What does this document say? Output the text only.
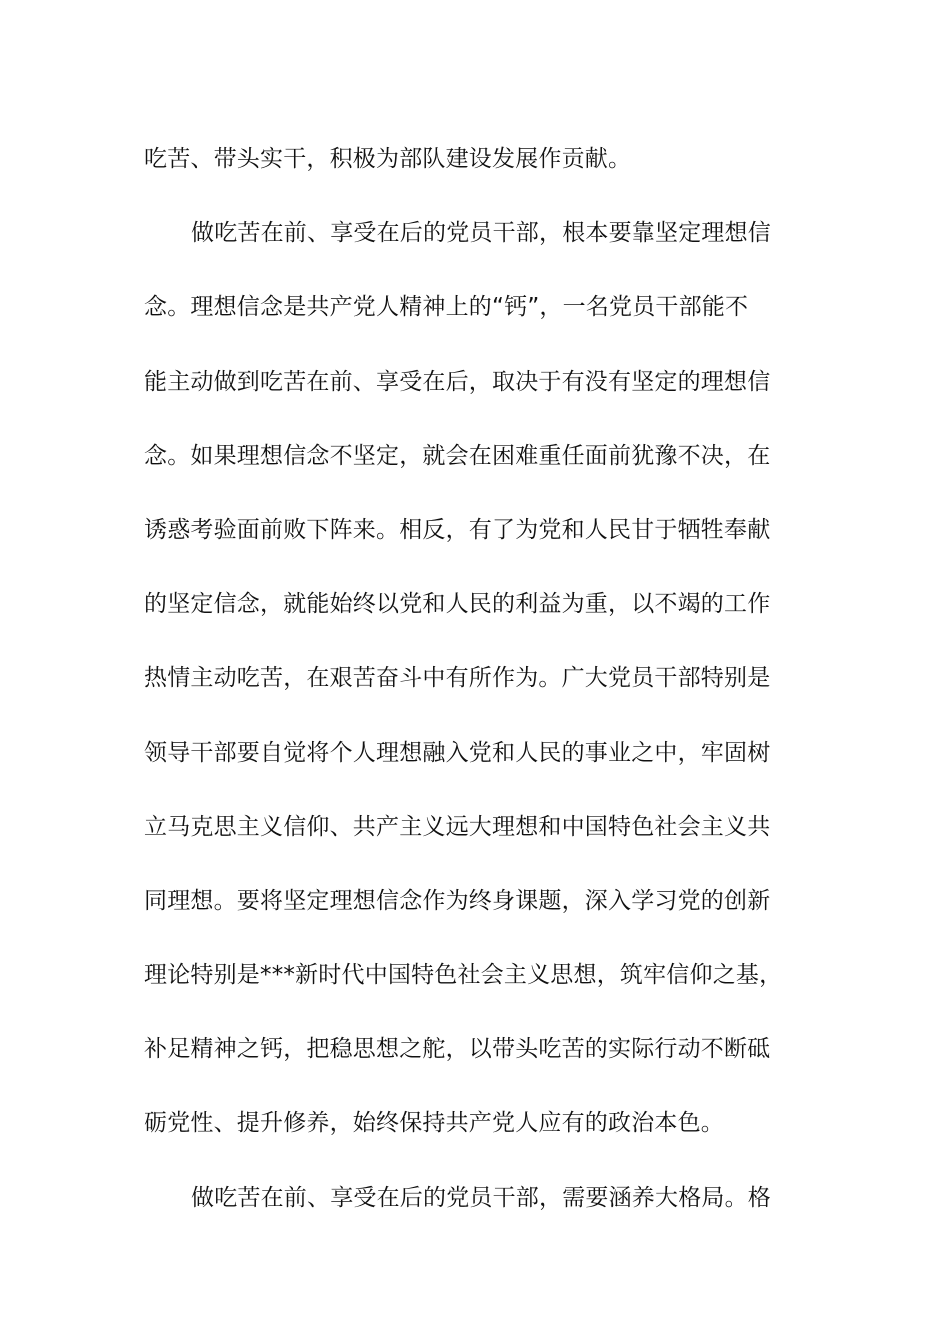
吃苦、带头实干，积极为部队建设发展作贡献。
做吃苦在前、享受在后的党员干部，根本要靠坚定理想信
念。理想信念是共产党人精神上的“钙”，一名党员干部能不
能主动做到吃苦在前、享受在后，取决于有没有坚定的理想信
念。如果理想信念不坚定，就会在困难重任面前犹豫不决，在
诱惑考验面前败下阵来。相反，有了为党和人民甘于牺牲奉献
的坚定信念，就能始终以党和人民的利益为重，以不竭的工作
热情主动吃苦，在艰苦奋斗中有所作为。广大党员干部特别是
领导干部要自觉将个人理想融入党和人民的事业之中，牢固树
立马克思主义信仰、共产主义远大理想和中国特色社会主义共
同理想。要将坚定理想信念作为终身课题，深入学习党的创新
理论特别是***新时代中国特色社会主义思想，筑牢信仰之基，
补足精神之钙，把稳思想之舵，以带头吃苦的实际行动不断砥
砺党性、提升修养，始终保持共产党人应有的政治本色。
做吃苦在前、享受在后的党员干部，需要涵养大格局。格
